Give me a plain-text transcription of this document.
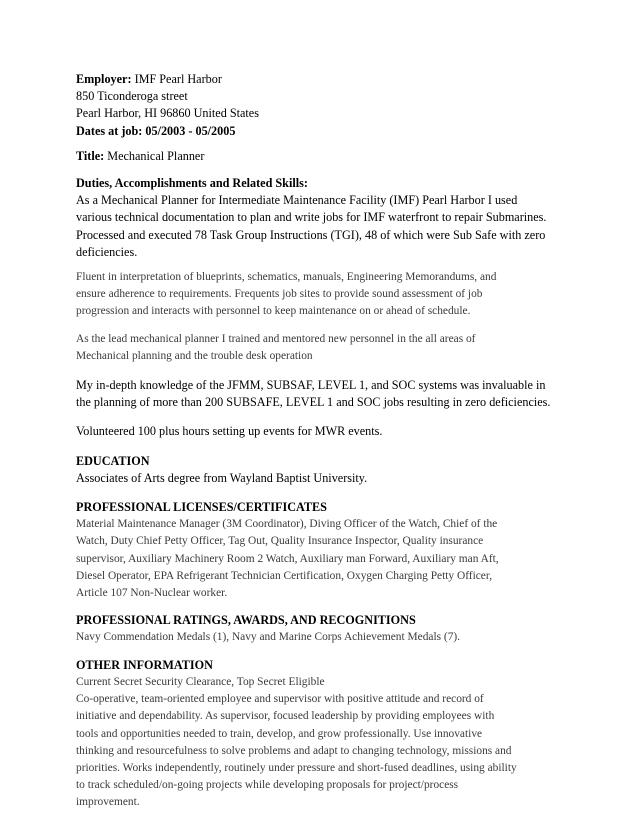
Employer: IMF Pearl Harbor
850 Ticonderoga street
Pearl Harbor, HI 96860 United States
Dates at job: 05/2003 - 05/2005
Title: Mechanical Planner
Duties, Accomplishments and Related Skills:
As a Mechanical Planner for Intermediate Maintenance Facility (IMF) Pearl Harbor I used
various technical documentation to plan and write jobs for IMF waterfront to repair Submarines.
Processed and executed 78 Task Group Instructions (TGI), 48 of which were Sub Safe with zero
deficiencies.
Fluent in interpretation of blueprints, schematics, manuals, Engineering Memorandums, and
ensure adherence to requirements. Frequents job sites to provide sound assessment of job
progression and interacts with personnel to keep maintenance on or ahead of schedule.
As the lead mechanical planner I trained and mentored new personnel in the all areas of
Mechanical planning and the trouble desk operation
My in-depth knowledge of the JFMM, SUBSAF, LEVEL 1, and SOC systems was invaluable in
the planning of more than 200 SUBSAFE, LEVEL 1 and SOC jobs resulting in zero deficiencies.
Volunteered 100 plus hours setting up events for MWR events.
EDUCATION
Associates of Arts degree from Wayland Baptist University.
PROFESSIONAL LICENSES/CERTIFICATES
Material Maintenance Manager (3M Coordinator), Diving Officer of the Watch, Chief of the
Watch, Duty Chief Petty Officer, Tag Out, Quality Insurance Inspector, Quality insurance
supervisor, Auxiliary Machinery Room 2 Watch, Auxiliary man Forward, Auxiliary man Aft,
Diesel Operator, EPA Refrigerant Technician Certification, Oxygen Charging Petty Officer,
Article 107 Non-Nuclear worker.
PROFESSIONAL RATINGS, AWARDS, AND RECOGNITIONS
Navy Commendation Medals (1), Navy and Marine Corps Achievement Medals (7).
OTHER INFORMATION
Current Secret Security Clearance, Top Secret Eligible
Co-operative, team-oriented employee and supervisor with positive attitude and record of
initiative and dependability. As supervisor, focused leadership by providing employees with
tools and opportunities needed to train, develop, and grow professionally. Use innovative
thinking and resourcefulness to solve problems and adapt to changing technology, missions and
priorities. Works independently, routinely under pressure and short-fused deadlines, using ability
to track scheduled/on-going projects while developing proposals for project/process
improvement.
